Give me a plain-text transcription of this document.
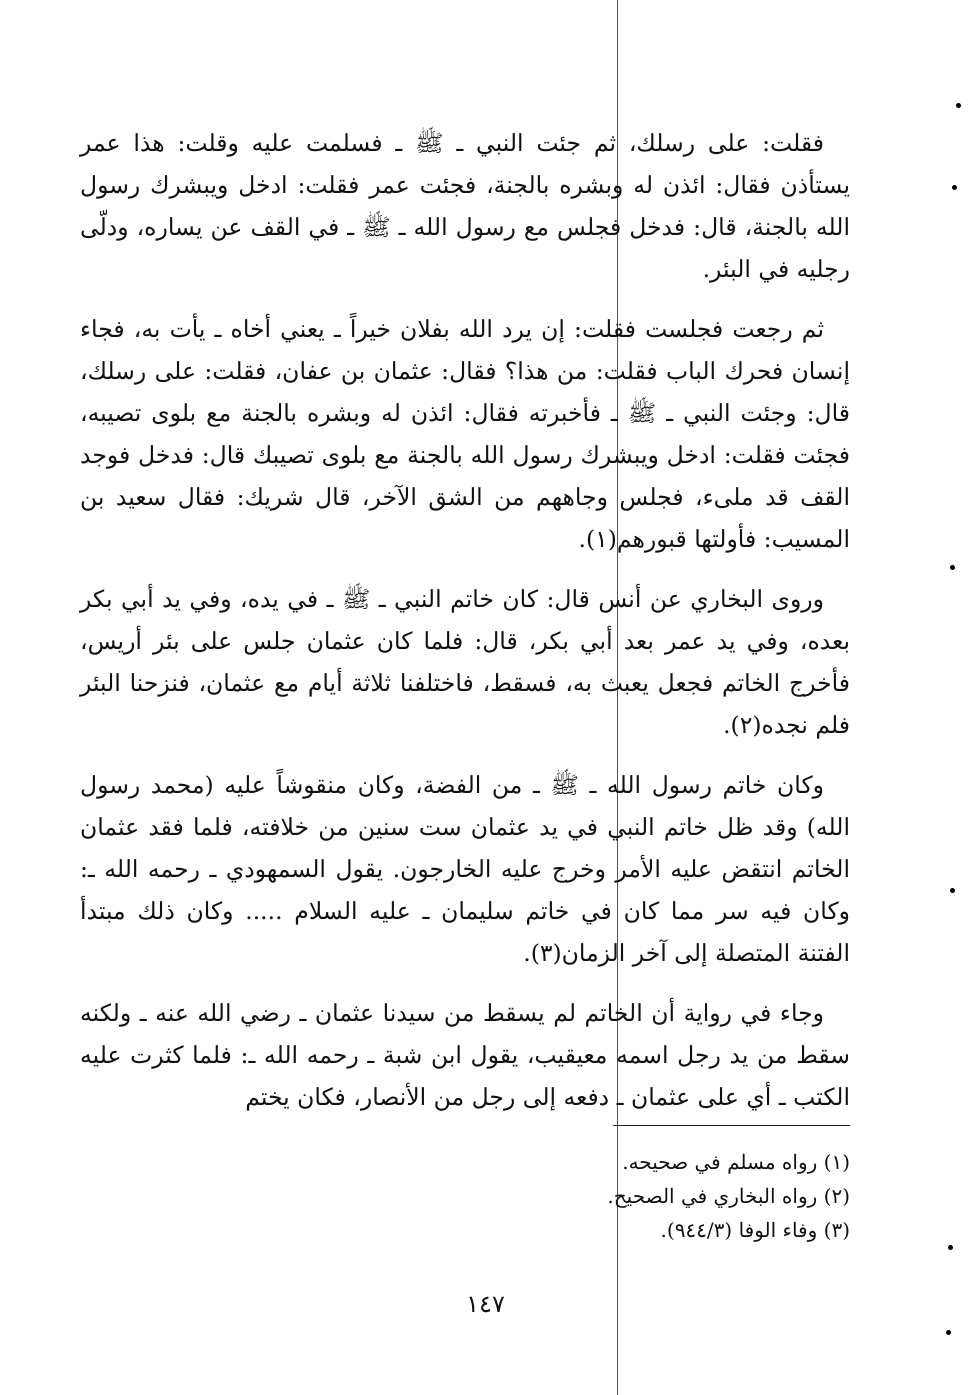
فقلت: على رسلك، ثم جئت النبي ـ ﷺ ـ فسلمت عليه وقلت: هذا عمر يستأذن فقال: ائذن له وبشره بالجنة، فجئت عمر فقلت: ادخل ويبشرك رسول الله بالجنة، قال: فدخل فجلس مع رسول الله ـ ﷺ ـ في القف عن يساره، ودلّى رجليه في البئر.

ثم رجعت فجلست فقلت: إن يرد الله بفلان خيراً ـ يعني أخاه ـ يأت به، فجاء إنسان فحرك الباب فقلت: من هذا؟ فقال: عثمان بن عفان، فقلت: على رسلك، قال: وجئت النبي ـ ﷺ ـ فأخبرته فقال: ائذن له وبشره بالجنة مع بلوى تصيبه، فجئت فقلت: ادخل ويبشرك رسول الله بالجنة مع بلوى تصيبك قال: فدخل فوجد القف قد ملىء، فجلس وجاههم من الشق الآخر، قال شريك: فقال سعيد بن المسيب: فأولتها قبورهم(١).

وروى البخاري عن أنس قال: كان خاتم النبي ـ ﷺ ـ في يده، وفي يد أبي بكر بعده، وفي يد عمر بعد أبي بكر، قال: فلما كان عثمان جلس على بئر أريس، فأخرج الخاتم فجعل يعبث به، فسقط، فاختلفنا ثلاثة أيام مع عثمان، فنزحنا البئر فلم نجده(٢).

وكان خاتم رسول الله ـ ﷺ ـ من الفضة، وكان منقوشاً عليه (محمد رسول الله) وقد ظل خاتم النبي في يد عثمان ست سنين من خلافته، فلما فقد عثمان الخاتم انتقض عليه الأمر وخرج عليه الخارجون. يقول السمهودي ـ رحمه الله ـ: وكان فيه سر مما كان في خاتم سليمان ـ عليه السلام ..... وكان ذلك مبتدأ الفتنة المتصلة إلى آخر الزمان(٣).

وجاء في رواية أن الخاتم لم يسقط من سيدنا عثمان ـ رضي الله عنه ـ ولكنه سقط من يد رجل اسمه معيقيب، يقول ابن شبة ـ رحمه الله ـ: فلما كثرت عليه الكتب ـ أي على عثمان ـ دفعه إلى رجل من الأنصار، فكان يختم

(١) رواه مسلم في صحيحه.

(٢) رواه البخاري في الصحيح.

(٣) وفاء الوفا (٩٤٤/٣).

١٤٧
